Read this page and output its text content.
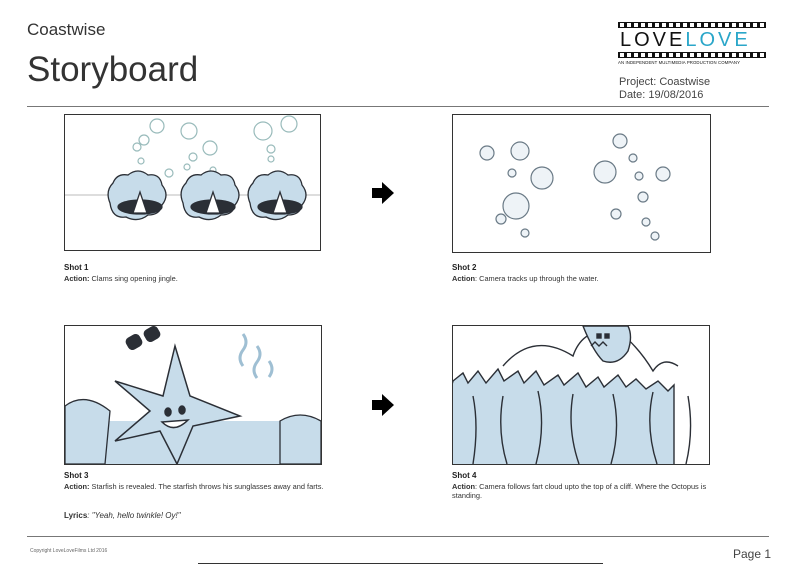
Coastwise
Storyboard
LOVELOVE
AN INDEPENDENT MULTIMEDIA PRODUCTION COMPANY
Project: Coastwise
Date: 19/08/2016
Shot 1
Action: Clams sing opening jingle.
Shot 2
Action: Camera tracks up through the water.
Shot 3
Action: Starfish is revealed. The starfish throws his sunglasses away and farts.
Lyrics: "Yeah, hello twinkle! Oy!"
Shot 4
Action: Camera follows fart cloud upto the top of a cliff. Where the Octopus is standing.
Copyright LoveLoveFilms Ltd 2016	Page 1
